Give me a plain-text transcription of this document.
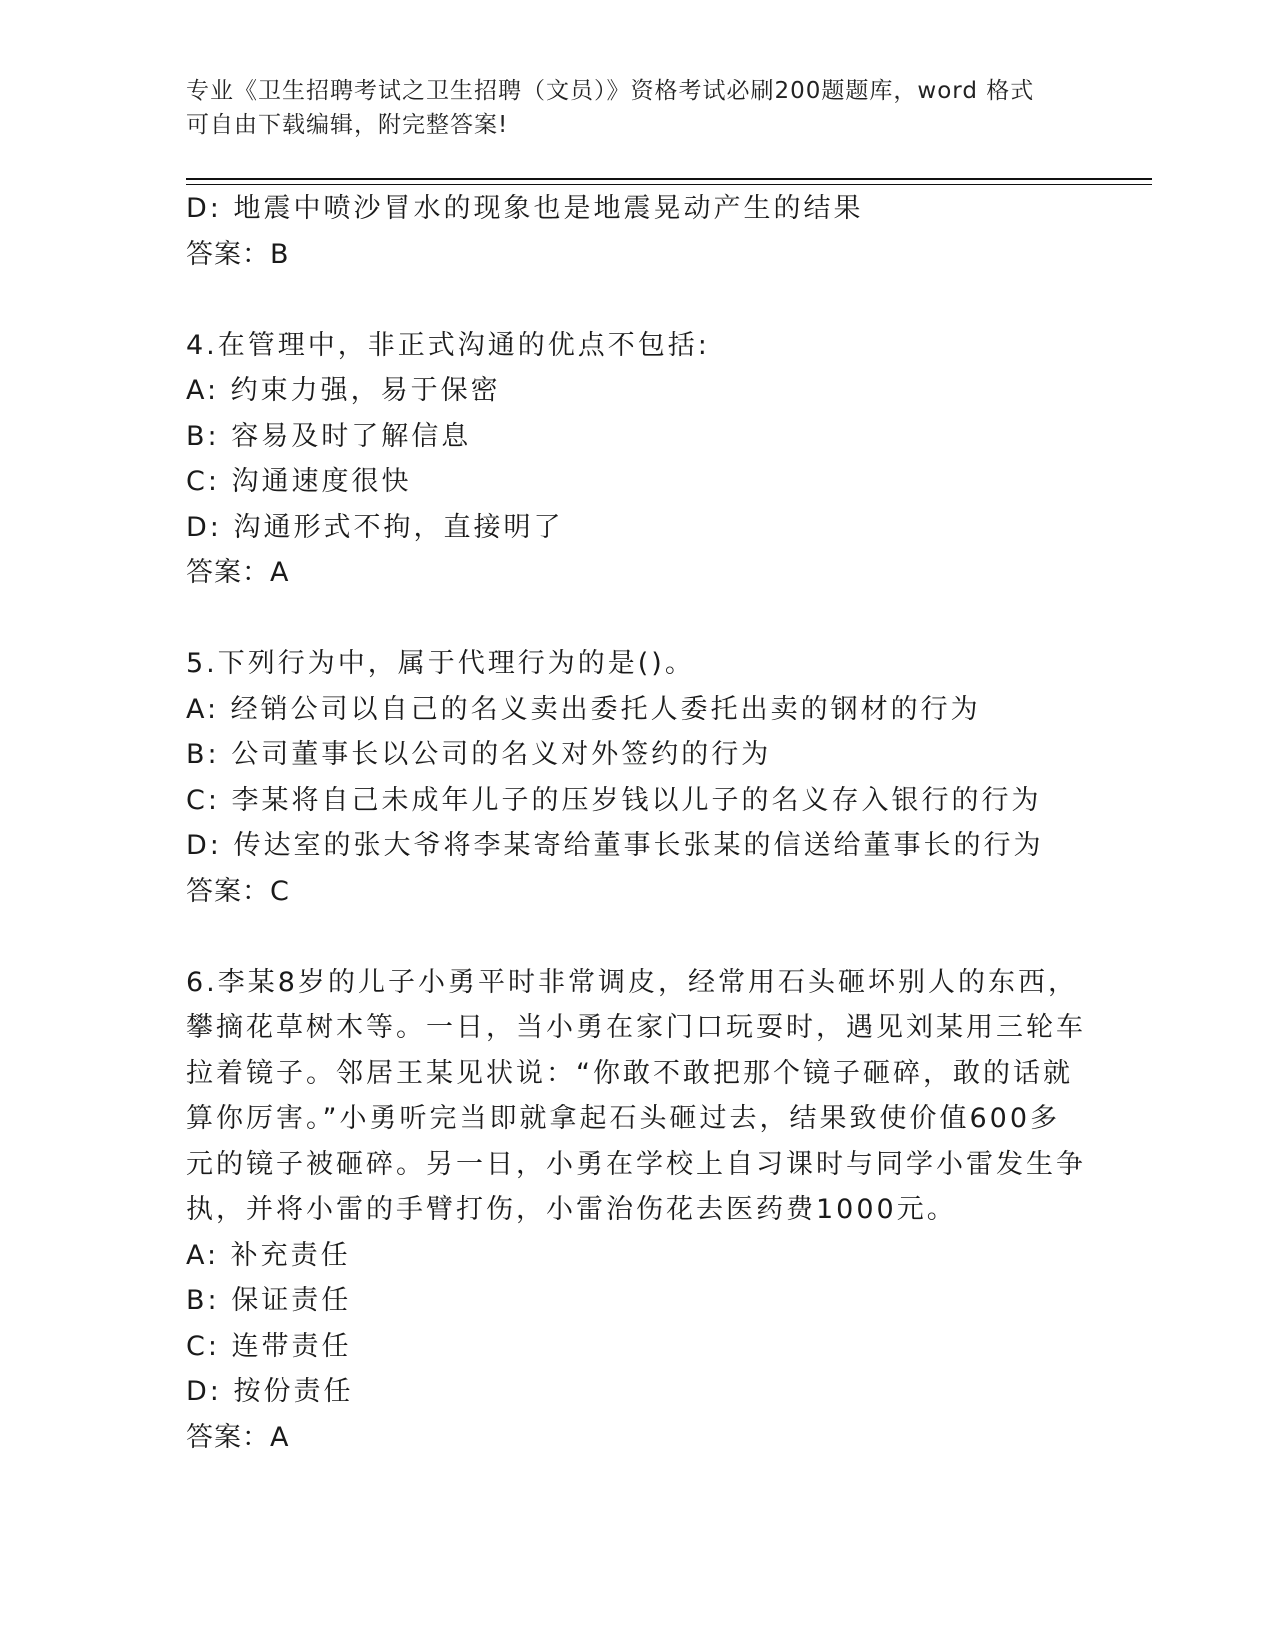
专业《卫生招聘考试之卫生招聘（文员）》资格考试必刷200题题库，word 格式
可自由下载编辑，附完整答案!
D: 地震中喷沙冒水的现象也是地震晃动产生的结果
答案：B
4.在管理中，非正式沟通的优点不包括:
A: 约束力强，易于保密
B: 容易及时了解信息
C: 沟通速度很快
D: 沟通形式不拘，直接明了
答案：A
5.下列行为中，属于代理行为的是()。
A: 经销公司以自己的名义卖出委托人委托出卖的钢材的行为
B: 公司董事长以公司的名义对外签约的行为
C: 李某将自己未成年儿子的压岁钱以儿子的名义存入银行的行为
D: 传达室的张大爷将李某寄给董事长张某的信送给董事长的行为
答案：C
6.李某8岁的儿子小勇平时非常调皮，经常用石头砸坏别人的东西，
攀摘花草树木等。一日，当小勇在家门口玩耍时，遇见刘某用三轮车
拉着镜子。邻居王某见状说：“你敢不敢把那个镜子砸碎，敢的话就
算你厉害。”小勇听完当即就拿起石头砸过去，结果致使价值600多
元的镜子被砸碎。另一日，小勇在学校上自习课时与同学小雷发生争
执，并将小雷的手臂打伤，小雷治伤花去医药费1000元。
A: 补充责任
B: 保证责任
C: 连带责任
D: 按份责任
答案：A
